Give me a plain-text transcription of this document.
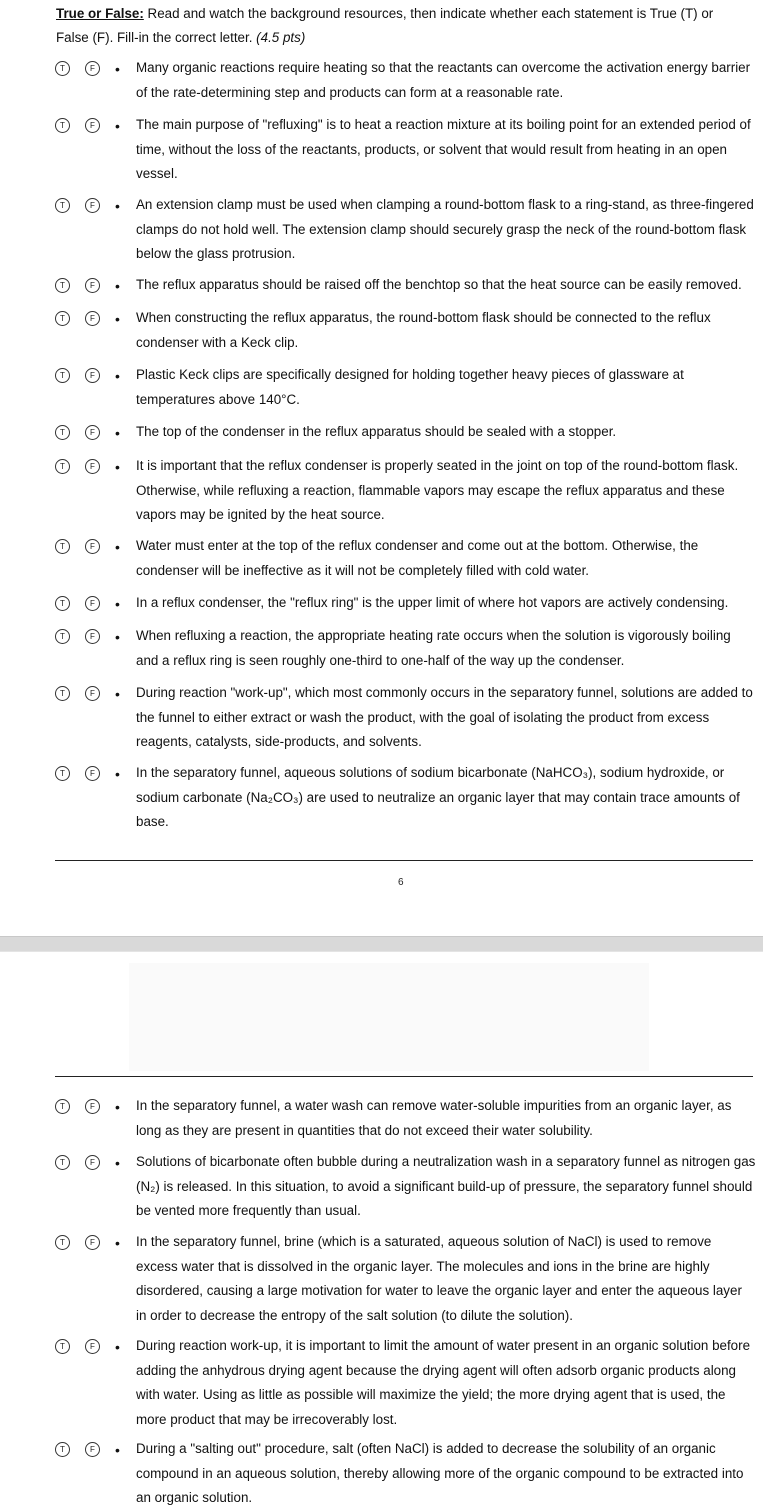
True or False: Read and watch the background resources, then indicate whether each statement is True (T) or False (F). Fill-in the correct letter. (4.5 pts)
T	F	• Many organic reactions require heating so that the reactants can overcome the activation energy barrier of the rate-determining step and products can form at a reasonable rate.
T	F	• The main purpose of "refluxing" is to heat a reaction mixture at its boiling point for an extended period of time, without the loss of the reactants, products, or solvent that would result from heating in an open vessel.
T	F	• An extension clamp must be used when clamping a round-bottom flask to a ring-stand, as three-fingered clamps do not hold well. The extension clamp should securely grasp the neck of the round-bottom flask below the glass protrusion.
T	F	• The reflux apparatus should be raised off the benchtop so that the heat source can be easily removed.
T	F	• When constructing the reflux apparatus, the round-bottom flask should be connected to the reflux condenser with a Keck clip.
T	F	• Plastic Keck clips are specifically designed for holding together heavy pieces of glassware at temperatures above 140°C.
T	F	• The top of the condenser in the reflux apparatus should be sealed with a stopper.
T	F	• It is important that the reflux condenser is properly seated in the joint on top of the round-bottom flask. Otherwise, while refluxing a reaction, flammable vapors may escape the reflux apparatus and these vapors may be ignited by the heat source.
T	F	• Water must enter at the top of the reflux condenser and come out at the bottom. Otherwise, the condenser will be ineffective as it will not be completely filled with cold water.
T	F	• In a reflux condenser, the "reflux ring" is the upper limit of where hot vapors are actively condensing.
T	F	• When refluxing a reaction, the appropriate heating rate occurs when the solution is vigorously boiling and a reflux ring is seen roughly one-third to one-half of the way up the condenser.
T	F	• During reaction "work-up", which most commonly occurs in the separatory funnel, solutions are added to the funnel to either extract or wash the product, with the goal of isolating the product from excess reagents, catalysts, side-products, and solvents.
T	F	• In the separatory funnel, aqueous solutions of sodium bicarbonate (NaHCO₃), sodium hydroxide, or sodium carbonate (Na₂CO₃) are used to neutralize an organic layer that may contain trace amounts of base.
6
T	F	• In the separatory funnel, a water wash can remove water-soluble impurities from an organic layer, as long as they are present in quantities that do not exceed their water solubility.
T	F	• Solutions of bicarbonate often bubble during a neutralization wash in a separatory funnel as nitrogen gas (N₂) is released. In this situation, to avoid a significant build-up of pressure, the separatory funnel should be vented more frequently than usual.
T	F	• In the separatory funnel, brine (which is a saturated, aqueous solution of NaCl) is used to remove excess water that is dissolved in the organic layer. The molecules and ions in the brine are highly disordered, causing a large motivation for water to leave the organic layer and enter the aqueous layer in order to decrease the entropy of the salt solution (to dilute the solution).
T	F	• During reaction work-up, it is important to limit the amount of water present in an organic solution before adding the anhydrous drying agent because the drying agent will often adsorb organic products along with water. Using as little as possible will maximize the yield; the more drying agent that is used, the more product that may be irrecoverably lost.
T	F	• During a "salting out" procedure, salt (often NaCl) is added to decrease the solubility of an organic compound in an aqueous solution, thereby allowing more of the organic compound to be extracted into an organic solution.
